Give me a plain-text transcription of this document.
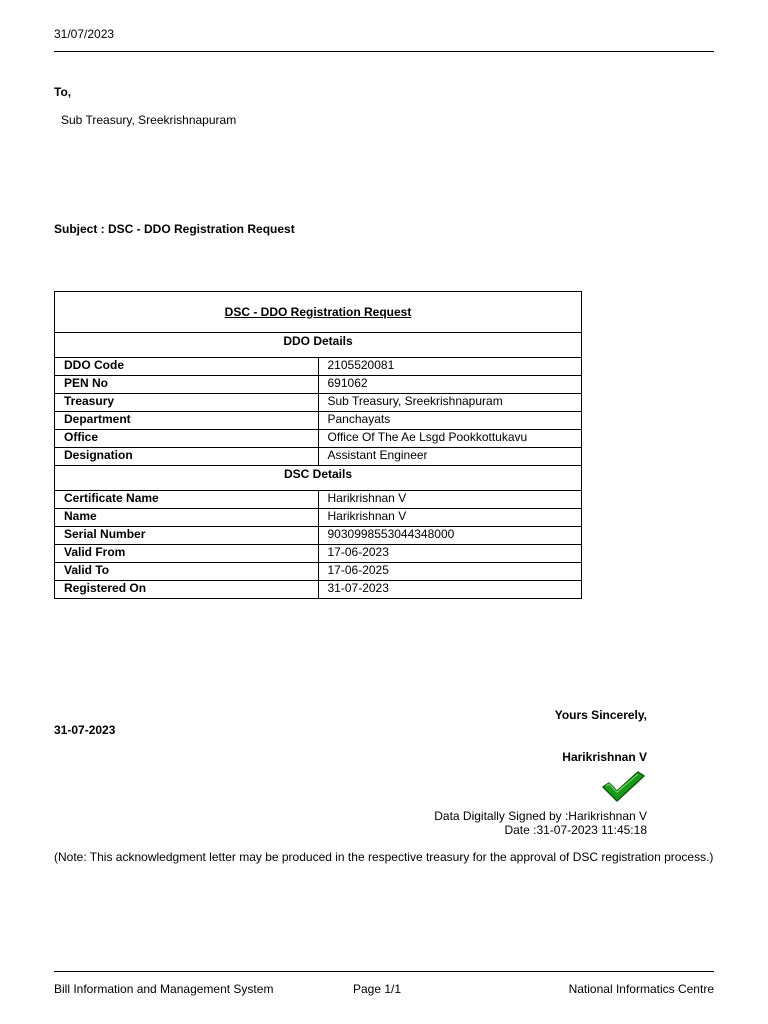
31/07/2023
To,
Sub Treasury, Sreekrishnapuram
Subject : DSC - DDO Registration Request
DSC - DDO Registration Request	
DDO Details	
DDO Code	2105520081
PEN No	691062
Treasury	Sub Treasury, Sreekrishnapuram
Department	Panchayats
Office	Office Of The Ae Lsgd Pookkottukavu
Designation	Assistant Engineer
DSC Details	
Certificate Name	Harikrishnan V
Name	Harikrishnan V
Serial Number	9030998553044348000
Valid From	17-06-2023
Valid To	17-06-2025
Registered On	31-07-2023
Yours Sincerely,
31-07-2023
Harikrishnan V
Data Digitally Signed by :Harikrishnan V
Date :31-07-2023 11:45:18
(Note: This acknowledgment letter may be produced in the respective treasury for the approval of DSC registration process.)
Bill Information and Management System	Page 1/1	National Informatics Centre
